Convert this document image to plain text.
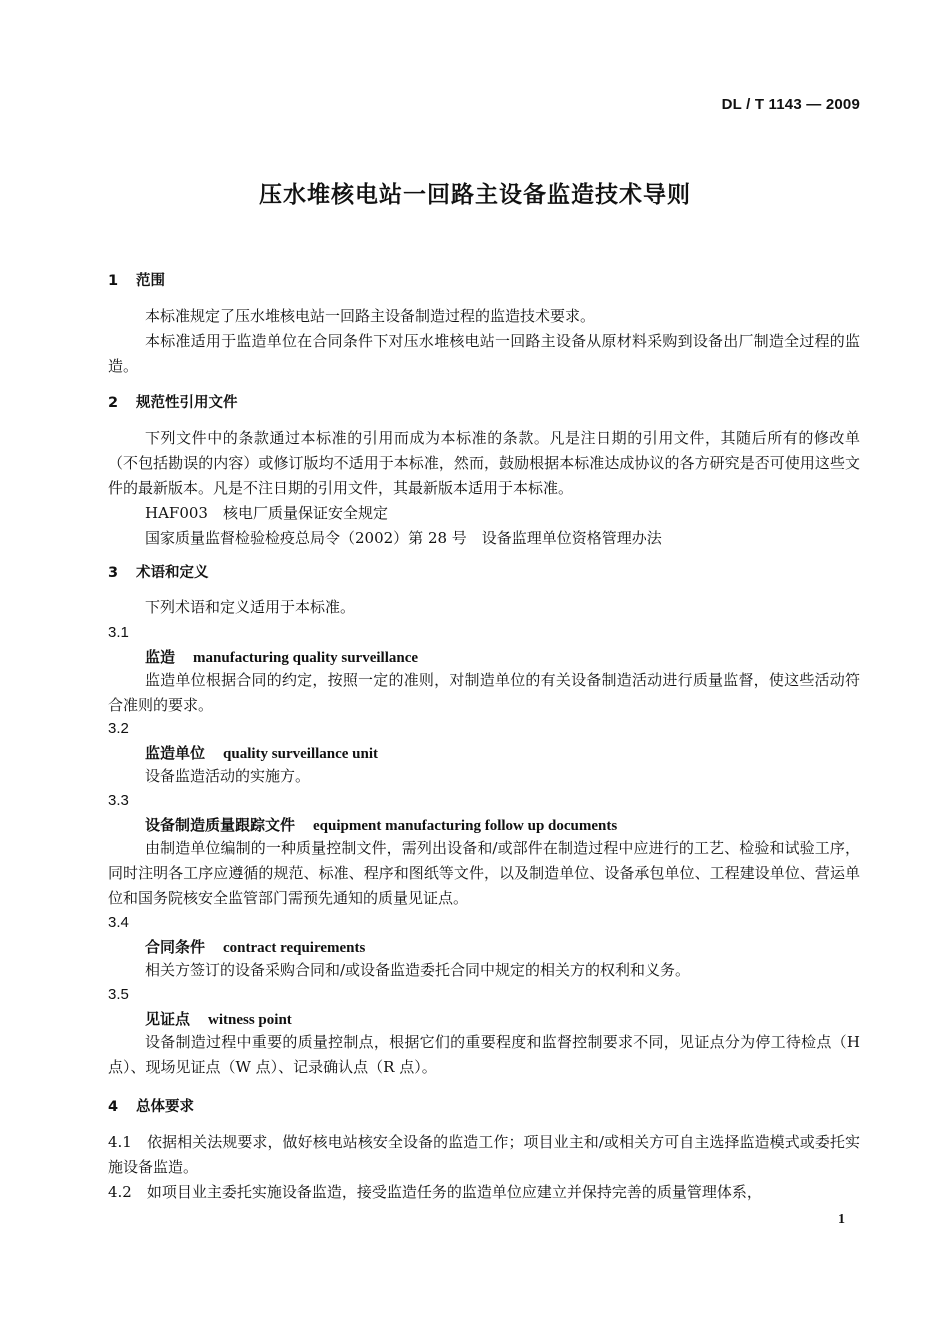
DL / T 1143 — 2009
压水堆核电站一回路主设备监造技术导则
1 范围

本标准规定了压水堆核电站一回路主设备制造过程的监造技术要求。

本标准适用于监造单位在合同条件下对压水堆核电站一回路主设备从原材料采购到设备出厂制造全过程的监造。

2 规范性引用文件

下列文件中的条款通过本标准的引用而成为本标准的条款。凡是注日期的引用文件，其随后所有的修改单（不包括勘误的内容）或修订版均不适用于本标准，然而，鼓励根据本标准达成协议的各方研究是否可使用这些文件的最新版本。凡是不注日期的引用文件，其最新版本适用于本标准。

HAF003　核电厂质量保证安全规定

国家质量监督检验检疫总局令（2002）第 28 号　设备监理单位资格管理办法

3 术语和定义
下列术语和定义适用于本标准。
3.1
监造 manufacturing quality surveillance

监造单位根据合同的约定，按照一定的准则，对制造单位的有关设备制造活动进行质量监督，使这些活动符合准则的要求。

3.2
监造单位 quality surveillance unit

设备监造活动的实施方。

3.3
设备制造质量跟踪文件 equipment manufacturing follow up documents

由制造单位编制的一种质量控制文件，需列出设备和/或部件在制造过程中应进行的工艺、检验和试验工序，同时注明各工序应遵循的规范、标准、程序和图纸等文件，以及制造单位、设备承包单位、工程建设单位、营运单位和国务院核安全监管部门需预先通知的质量见证点。

3.4
合同条件 contract requirements

相关方签订的设备采购合同和/或设备监造委托合同中规定的相关方的权利和义务。

3.5
见证点 witness point

设备制造过程中重要的质量控制点，根据它们的重要程度和监督控制要求不同，见证点分为停工待检点（H 点）、现场见证点（W 点）、记录确认点（R 点）。

4 总体要求

4.1　依据相关法规要求，做好核电站核安全设备的监造工作；项目业主和/或相关方可自主选择监造模式或委托实施设备监造。

4.2　如项目业主委托实施设备监造，接受监造任务的监造单位应建立并保持完善的质量管理体系，

1
